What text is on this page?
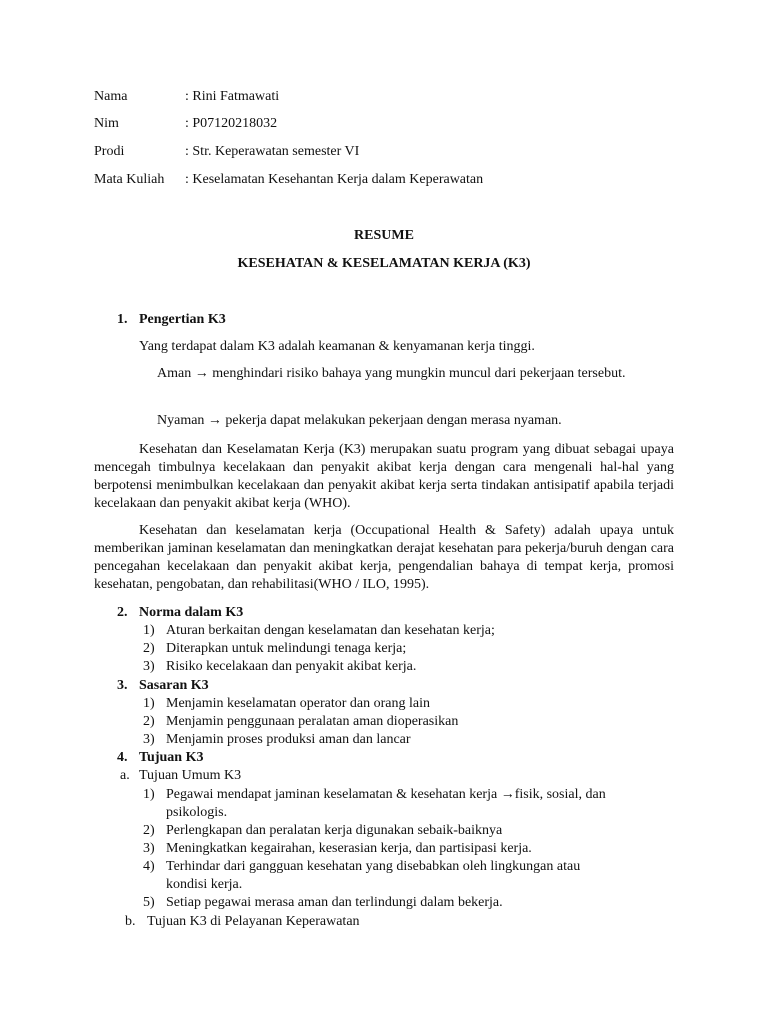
Nama	: Rini Fatmawati
Nim	: P07120218032
Prodi	: Str. Keperawatan semester VI
Mata Kuliah : Keselamatan Kesehantan Kerja dalam Keperawatan
RESUME
KESEHATAN & KESELAMATAN KERJA (K3)
1. Pengertian K3
Yang terdapat dalam K3 adalah keamanan & kenyamanan kerja tinggi.
Aman → menghindari risiko bahaya yang mungkin muncul dari pekerjaan tersebut.
Nyaman → pekerja dapat melakukan pekerjaan dengan merasa nyaman.
Kesehatan dan Keselamatan Kerja (K3) merupakan suatu program yang dibuat sebagai upaya mencegah timbulnya kecelakaan dan penyakit akibat kerja dengan cara mengenali hal-hal yang berpotensi menimbulkan kecelakaan dan penyakit akibat kerja serta tindakan antisipatif apabila terjadi kecelakaan dan penyakit akibat kerja (WHO).
Kesehatan dan keselamatan kerja (Occupational Health & Safety) adalah upaya untuk memberikan jaminan keselamatan dan meningkatkan derajat kesehatan para pekerja/buruh dengan cara pencegahan kecelakaan dan penyakit akibat kerja, pengendalian bahaya di tempat kerja, promosi kesehatan, pengobatan, dan rehabilitasi(WHO / ILO, 1995).
2. Norma dalam K3
1) Aturan berkaitan dengan keselamatan dan kesehatan kerja;
2) Diterapkan untuk melindungi tenaga kerja;
3) Risiko kecelakaan dan penyakit akibat kerja.
3. Sasaran K3
1) Menjamin keselamatan operator dan orang lain
2) Menjamin penggunaan peralatan aman dioperasikan
3) Menjamin proses produksi aman dan lancar
4. Tujuan K3
a. Tujuan Umum K3
1) Pegawai mendapat jaminan keselamatan & kesehatan kerja →fisik, sosial, dan
psikologis.
2) Perlengkapan dan peralatan kerja digunakan sebaik-baiknya
3) Meningkatkan kegairahan, keserasian kerja, dan partisipasi kerja.
4) Terhindar dari gangguan kesehatan yang disebabkan oleh lingkungan atau
kondisi kerja.
5) Setiap pegawai merasa aman dan terlindungi dalam bekerja.
b. Tujuan K3 di Pelayanan Keperawatan
